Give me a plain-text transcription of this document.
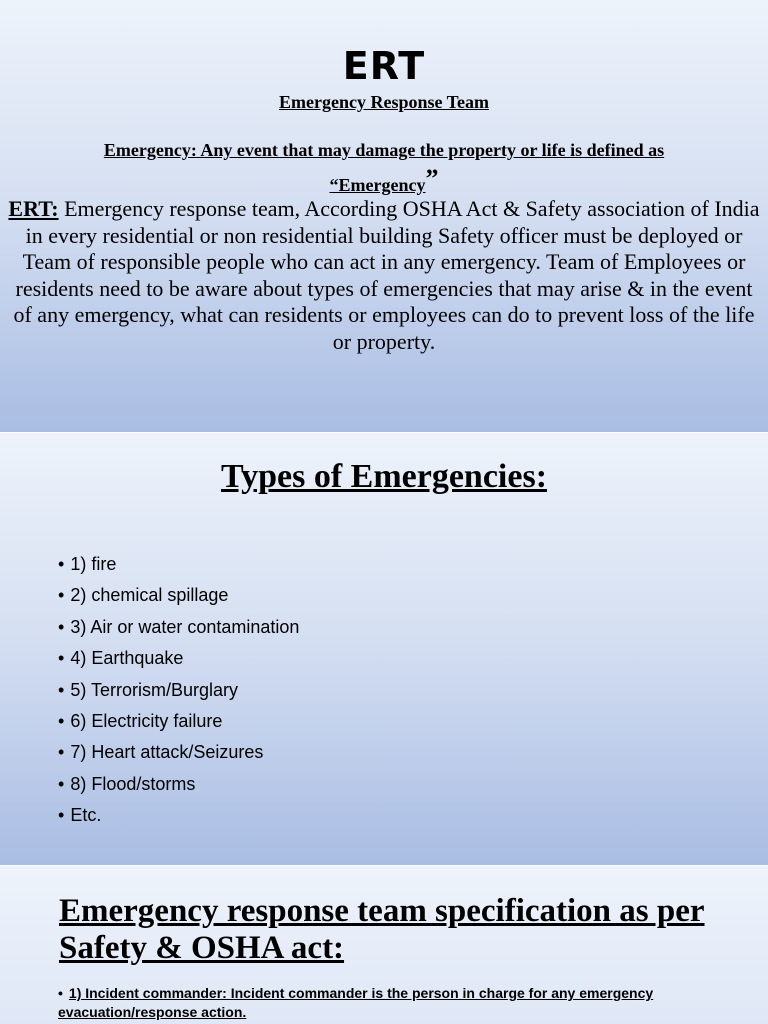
ERT
Emergency Response Team
Emergency: Any event that may damage the property or life is defined as
“Emergency”
ERT: Emergency response team, According OSHA Act & Safety association of India in every residential or non residential building Safety officer must be deployed or Team of responsible people who can act in any emergency. Team of Employees or residents need to be aware about types of emergencies that may arise & in the event of any emergency, what can residents or employees can do to prevent loss of the life or property.
Types of Emergencies:
• 1) fire
• 2) chemical spillage
• 3) Air or water contamination
• 4) Earthquake
• 5) Terrorism/Burglary
• 6) Electricity failure
• 7) Heart attack/Seizures
• 8) Flood/storms
• Etc.
Emergency response team specification as per Safety & OSHA act:
• 1) Incident commander: Incident commander is the person in charge for any emergency evacuation/response action.
